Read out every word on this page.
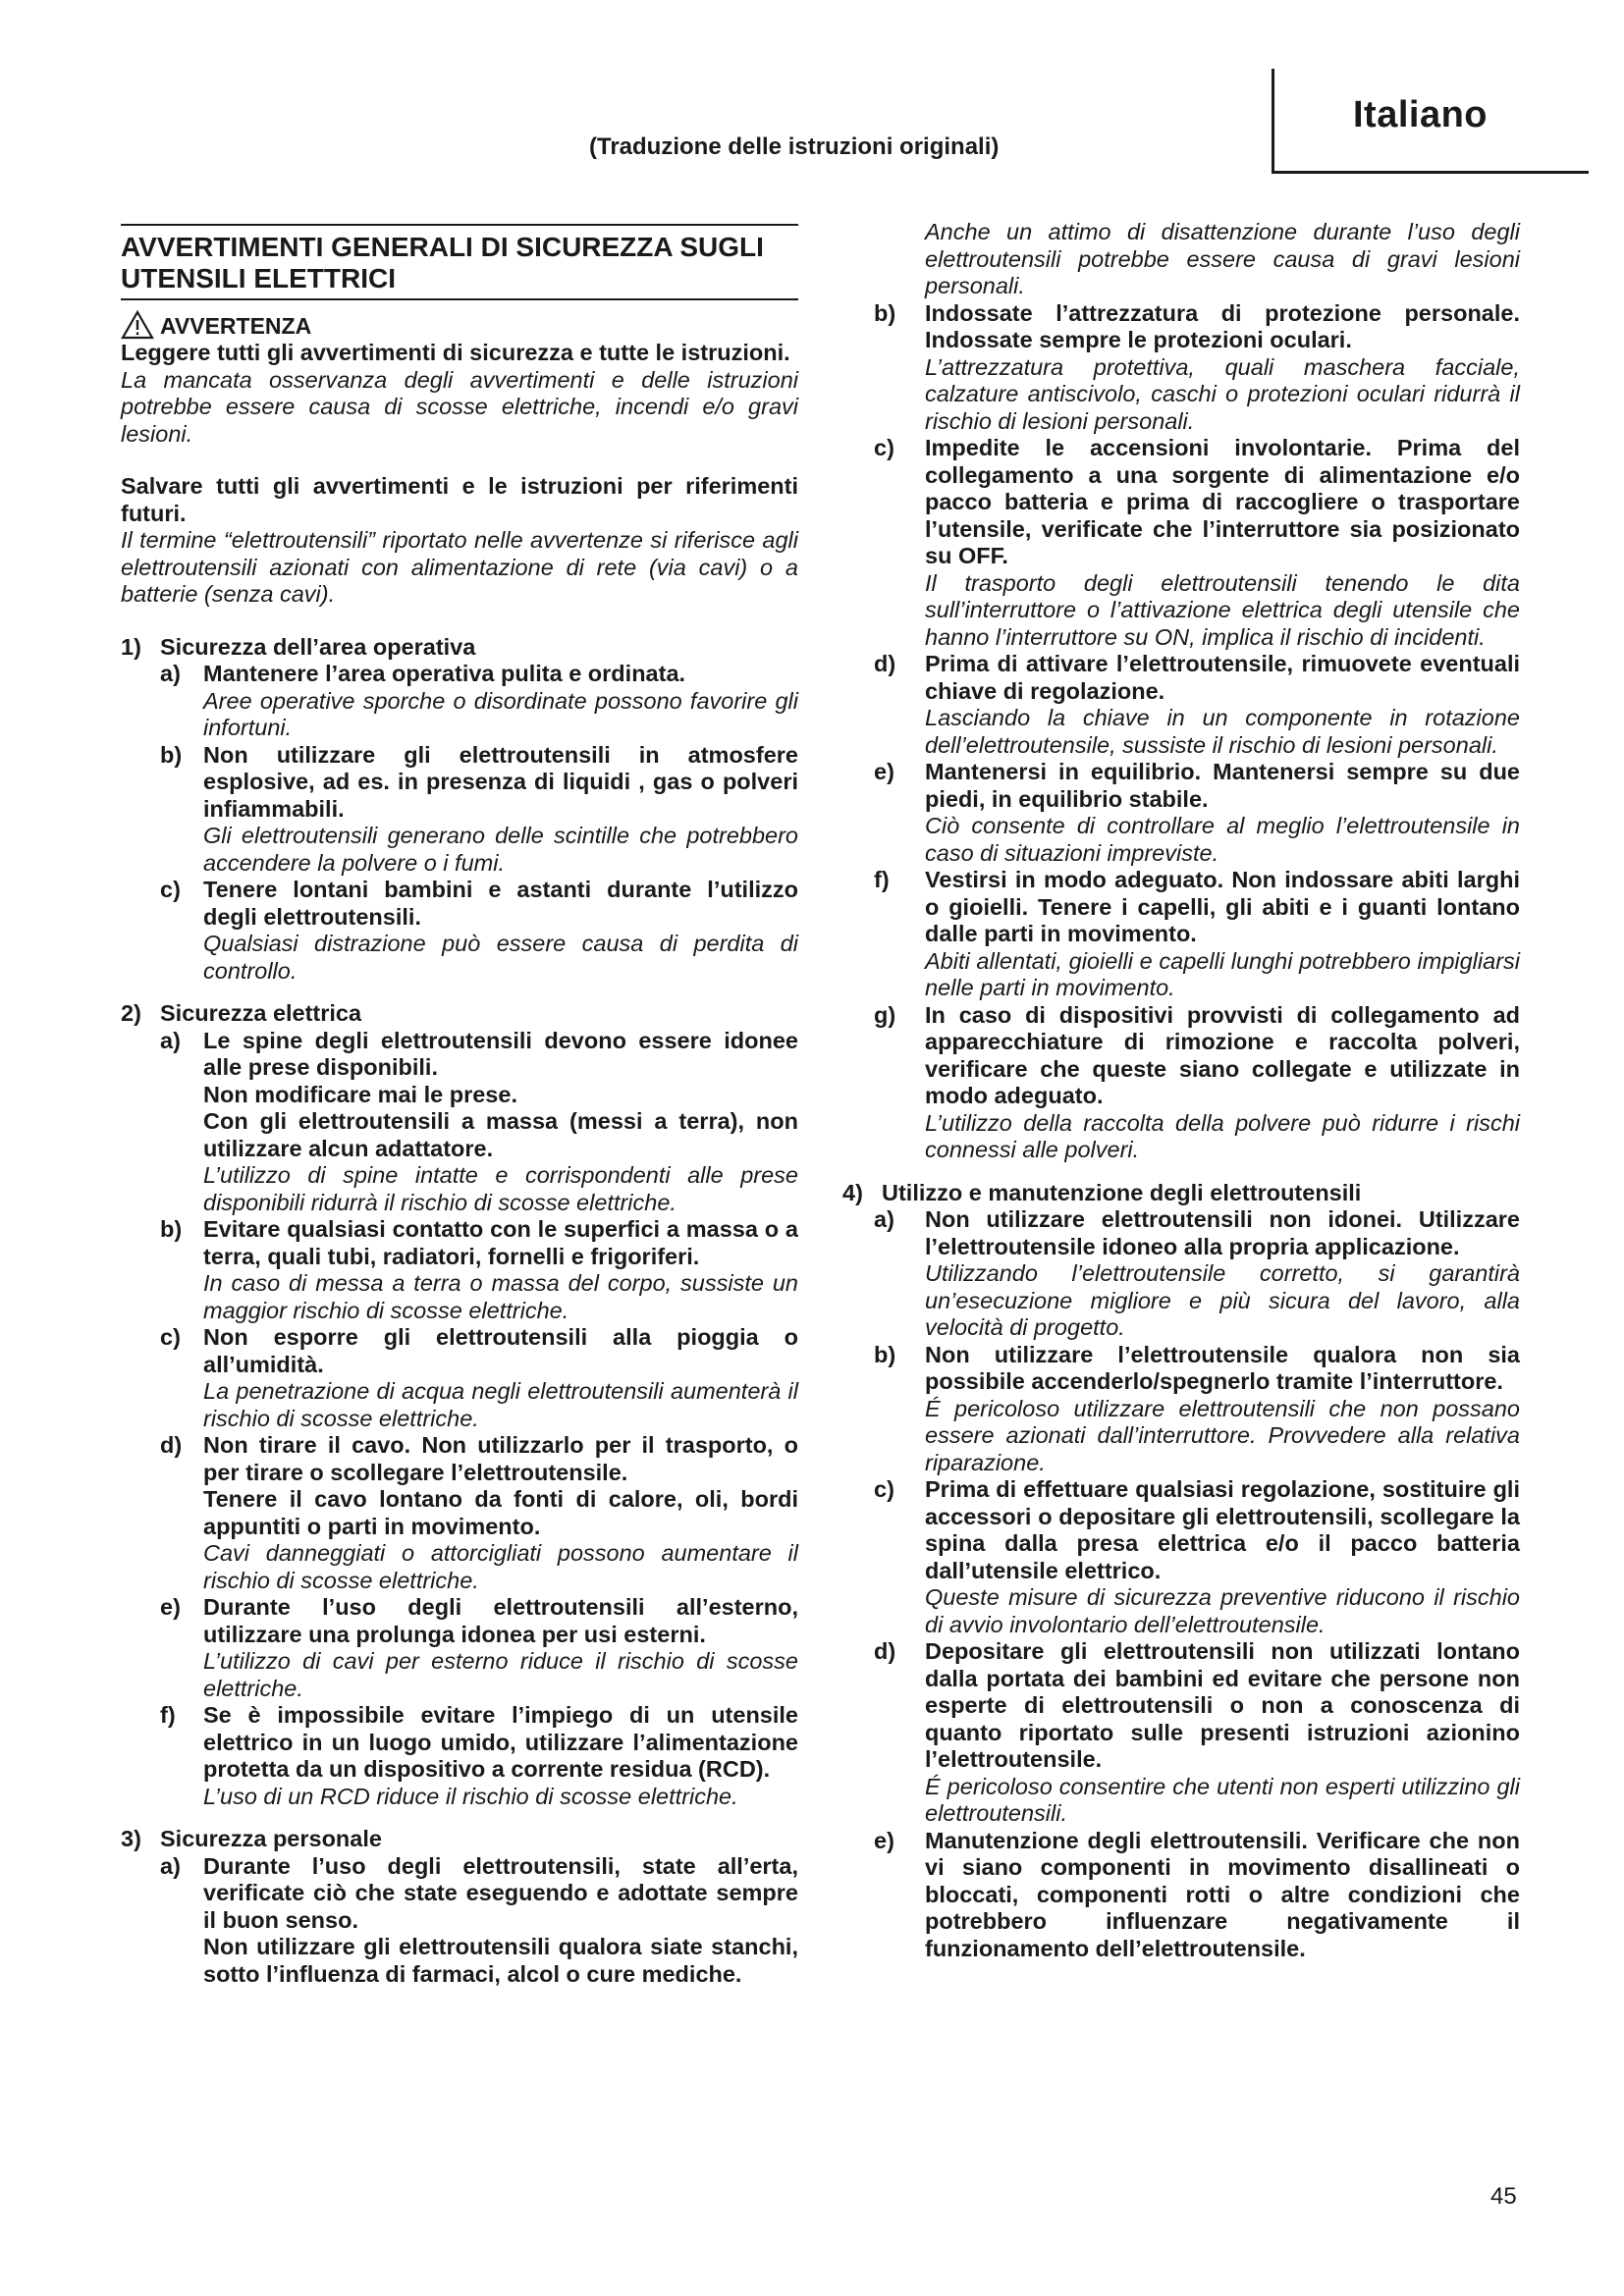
Italiano
(Traduzione delle istruzioni originali)
AVVERTIMENTI GENERALI DI SICUREZZA SUGLI UTENSILI ELETTRICI
AVVERTENZA
Leggere tutti gli avvertimenti di sicurezza e tutte le istruzioni.
La mancata osservanza degli avvertimenti e delle istruzioni potrebbe essere causa di scosse elettriche, incendi e/o gravi lesioni.
Salvare tutti gli avvertimenti e le istruzioni per riferimenti futuri.
Il termine “elettroutensili” riportato nelle avvertenze si riferisce agli elettroutensili azionati con alimentazione di rete (via cavi) o a batterie (senza cavi).
1) Sicurezza dell’area operativa
a) Mantenere l’area operativa pulita e ordinata.
Aree operative sporche o disordinate possono favorire gli infortuni.
b) Non utilizzare gli elettroutensili in atmosfere esplosive, ad es. in presenza di liquidi , gas o polveri infiammabili.
Gli elettroutensili generano delle scintille che potrebbero accendere la polvere o i fumi.
c) Tenere lontani bambini e astanti durante l’utilizzo degli elettroutensili.
Qualsiasi distrazione può essere causa di perdita di controllo.
2) Sicurezza elettrica
a) Le spine degli elettroutensili devono essere idonee alle prese disponibili.
Non modificare mai le prese.
Con gli elettroutensili a massa (messi a terra), non utilizzare alcun adattatore.
L’utilizzo di spine intatte e corrispondenti alle prese disponibili ridurrà il rischio di scosse elettriche.
b) Evitare qualsiasi contatto con le superfici a massa o a terra, quali tubi, radiatori, fornelli e frigoriferi.
In caso di messa a terra o massa del corpo, sussiste un maggior rischio di scosse elettriche.
c) Non esporre gli elettroutensili alla pioggia o all’umidità.
La penetrazione di acqua negli elettroutensili aumenterà il rischio di scosse elettriche.
d) Non tirare il cavo. Non utilizzarlo per il trasporto, o per tirare o scollegare l’elettroutensile.
Tenere il cavo lontano da fonti di calore, oli, bordi appuntiti o parti in movimento.
Cavi danneggiati o attorcigliati possono aumentare il rischio di scosse elettriche.
e) Durante l’uso degli elettroutensili all’esterno, utilizzare una prolunga idonea per usi esterni.
L’utilizzo di cavi per esterno riduce il rischio di scosse elettriche.
f)	Se è impossibile evitare l’impiego di un utensile elettrico in un luogo umido, utilizzare l’alimentazione protetta da un dispositivo a corrente residua (RCD).
L’uso di un RCD riduce il rischio di scosse elettriche.
3) Sicurezza personale
a) Durante l’uso degli elettroutensili, state all’erta, verificate ciò che state eseguendo e adottate sempre il buon senso.
Non utilizzare gli elettroutensili qualora siate stanchi, sotto l’influenza di farmaci, alcol o cure mediche.
Anche un attimo di disattenzione durante l’uso degli elettroutensili potrebbe essere causa di gravi lesioni personali.
b)	Indossate l’attrezzatura di protezione personale. Indossate sempre le protezioni oculari.
L’attrezzatura protettiva, quali maschera facciale, calzature antiscivolo, caschi o protezioni oculari ridurrà il rischio di lesioni personali.
c)	Impedite le accensioni involontarie. Prima del collegamento a una sorgente di alimentazione e/o pacco batteria e prima di raccogliere o trasportare l’utensile, verificate che l’interruttore sia posizionato su OFF.
Il trasporto degli elettroutensili tenendo le dita sull’interruttore o l’attivazione elettrica degli utensile che hanno l’interruttore su ON, implica il rischio di incidenti.
d)	Prima di attivare l’elettroutensile, rimuovete eventuali chiave di regolazione.
Lasciando la chiave in un componente in rotazione dell’elettroutensile, sussiste il rischio di lesioni personali.
e)	Mantenersi in equilibrio. Mantenersi sempre su due piedi, in equilibrio stabile.
Ciò consente di controllare al meglio l’elettroutensile in caso di situazioni impreviste.
f)	Vestirsi in modo adeguato. Non indossare abiti larghi o gioielli. Tenere i capelli, gli abiti e i guanti lontano dalle parti in movimento.
Abiti allentati, gioielli e capelli lunghi potrebbero impigliarsi nelle parti in movimento.
g)	In caso di dispositivi provvisti di collegamento ad apparecchiature di rimozione e raccolta polveri, verificare che queste siano collegate e utilizzate in modo adeguato.
L’utilizzo della raccolta della polvere può ridurre i rischi connessi alle polveri.
4) Utilizzo e manutenzione degli elettroutensili
a)	Non utilizzare elettroutensili non idonei. Utilizzare l’elettroutensile idoneo alla propria applicazione.
Utilizzando l’elettroutensile corretto, si garantirà un’esecuzione migliore e più sicura del lavoro, alla velocità di progetto.
b)	Non utilizzare l’elettroutensile qualora non sia possibile accenderlo/spegnerlo tramite l’interruttore.
É pericoloso utilizzare elettroutensili che non possano essere azionati dall’interruttore. Provvedere alla relativa riparazione.
c)	Prima di effettuare qualsiasi regolazione, sostituire gli accessori o depositare gli elettroutensili, scollegare la spina dalla presa elettrica e/o il pacco batteria dall’utensile elettrico.
Queste misure di sicurezza preventive riducono il rischio di avvio involontario dell’elettroutensile.
d)	Depositare gli elettroutensili non utilizzati lontano dalla portata dei bambini ed evitare che persone non esperte di elettroutensili o non a conoscenza di quanto riportato sulle presenti istruzioni azionino l’elettroutensile.
É pericoloso consentire che utenti non esperti utilizzino gli elettroutensili.
e)	Manutenzione degli elettroutensili. Verificare che non vi siano componenti in movimento disallineati o bloccati, componenti rotti o altre condizioni che potrebbero influenzare negativamente il funzionamento dell’elettroutensile.
45
